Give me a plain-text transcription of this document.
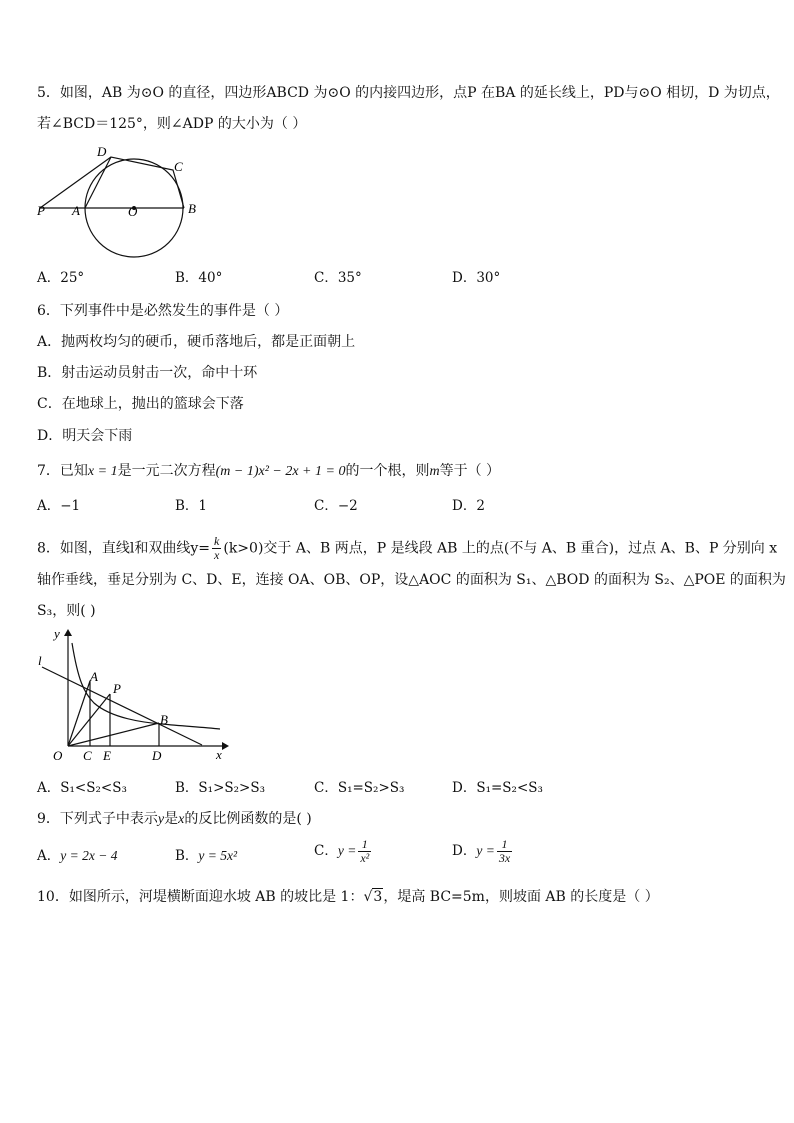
5．如图，AB 为⊙O 的直径，四边形ABCD 为⊙O 的内接四边形，点P 在BA 的延长线上，PD与⊙O 相切，D 为切点，
若∠BCD＝125°，则∠ADP 的大小为（ ）
D
C
P A	O	B
A．25°	B．40°	C．35°	D．30°
6．下列事件中是必然发生的事件是（ ）
A．抛两枚均匀的硬币，硬币落地后，都是正面朝上
B．射击运动员射击一次，命中十环
C．在地球上，抛出的篮球会下落
D．明天会下雨
7．已知x = 1是一元二次方程(m − 1)x² − 2x + 1 = 0的一个根，则m等于（ ）
A．−1	B．1	C．−2	D．2
8．如图，直线l和双曲线$y= \frac{k}{x} (k>0)$交于 A、B 两点，P 是线段 AB 上的点(不与 A、B 重合)，过点 A、B、P 分别向 x
轴作垂线，垂足分别为 C、D、E，连接 OA、OB、OP，设△AOC 的面积为 S₁、△BOD 的面积为 S₂、△POE 的面积为
S₃，则( )
y
l
A
P
B
O C E	D	x
A．S₁<S₂<S₃	B．S₁>S₂>S₃	C．S₁=S₂>S₃	D．S₁=S₂<S₃
9．下列式子中表示y是x的反比例函数的是( )
A．y = 2x − 4	B．y = 5x²	C．$y = \frac{1}{\text{x²}}$	D．$y = \frac{1}{3x}$
10．如图所示，河堤横断面迎水坡 AB 的坡比是 1：√3，堤高 BC=5m，则坡面 AB 的长度是（ ）
